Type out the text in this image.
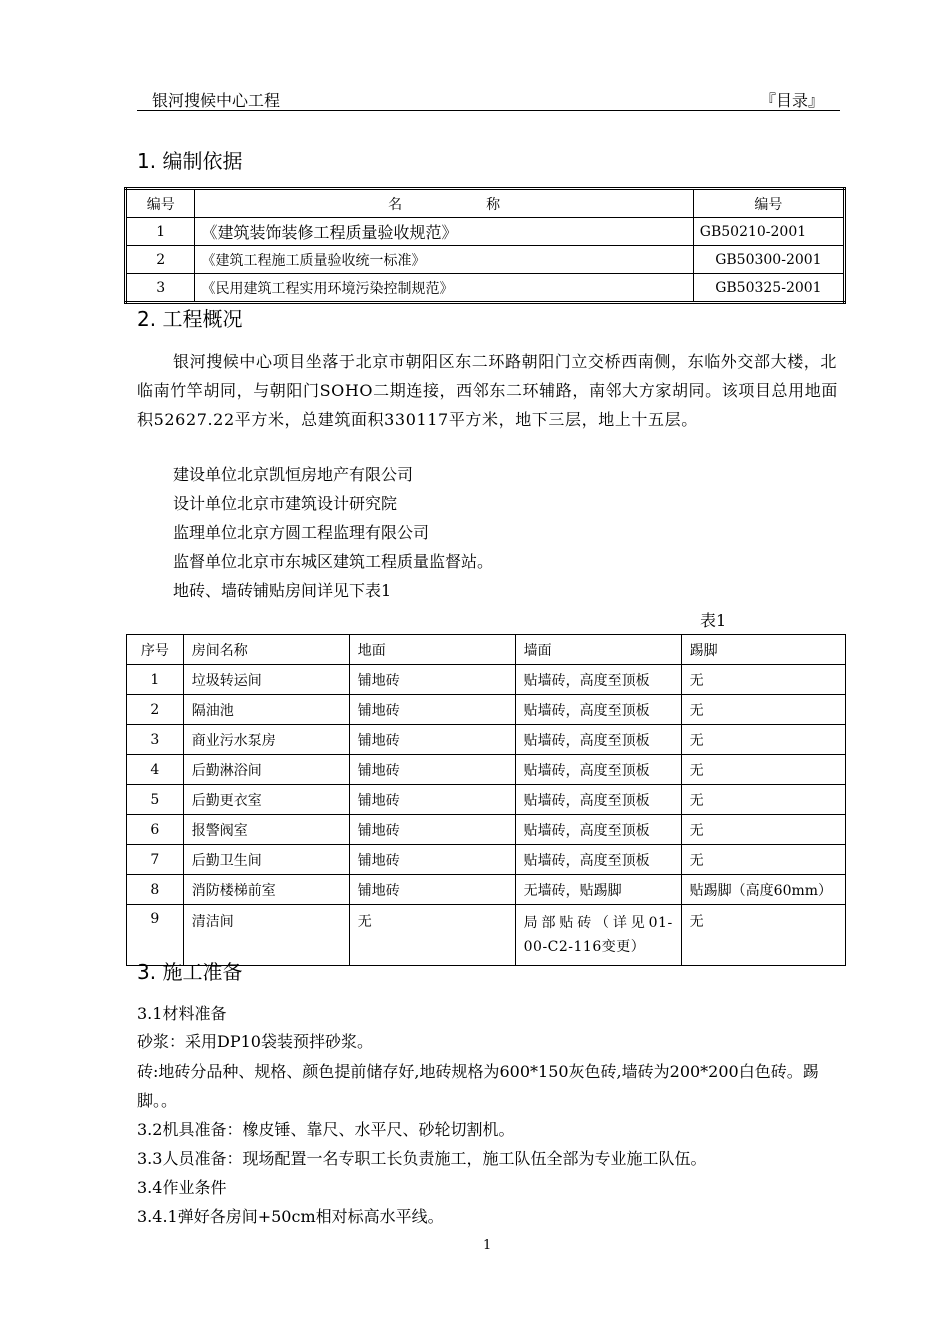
银河搜候中心工程	『目录』
1. 编制依据
编号	名　　　　　　称	编号
1	《建筑装饰装修工程质量验收规范》	GB50210-2001
2	《建筑工程施工质量验收统一标准》	GB50300-2001
3	《民用建筑工程实用环境污染控制规范》	GB50325-2001
2. 工程概况
银河搜候中心项目坐落于北京市朝阳区东二环路朝阳门立交桥西南侧，东临外交部大楼，北临南竹竿胡同，与朝阳门SOHO二期连接，西邻东二环辅路，南邻大方家胡同。该项目总用地面积52627.22平方米，总建筑面积330117平方米，地下三层，地上十五层。
建设单位北京凯恒房地产有限公司
设计单位北京市建筑设计研究院
监理单位北京方圆工程监理有限公司
监督单位北京市东城区建筑工程质量监督站。
地砖、墙砖铺贴房间详见下表1
表1
序号	房间名称	地面	墙面	踢脚
1	垃圾转运间	铺地砖	贴墙砖，高度至顶板	无
2	隔油池	铺地砖	贴墙砖，高度至顶板	无
3	商业污水泵房	铺地砖	贴墙砖，高度至顶板	无
4	后勤淋浴间	铺地砖	贴墙砖，高度至顶板	无
5	后勤更衣室	铺地砖	贴墙砖，高度至顶板	无
6	报警阀室	铺地砖	贴墙砖，高度至顶板	无
7	后勤卫生间	铺地砖	贴墙砖，高度至顶板	无
8	消防楼梯前室	铺地砖	无墙砖，贴踢脚	贴踢脚（高度60mm）
9	清洁间	无	局部贴砖（详见01-00-C2-116变更）	无
3. 施工准备
3.1材料准备
砂浆：采用DP10袋装预拌砂浆。
砖:地砖分品种、规格、颜色提前储存好,地砖规格为600*150灰色砖,墙砖为200*200白色砖。踢脚。。
3.2机具准备：橡皮锤、靠尺、水平尺、砂轮切割机。
3.3人员准备：现场配置一名专职工长负责施工，施工队伍全部为专业施工队伍。
3.4作业条件
3.4.1弹好各房间+50cm相对标高水平线。
1
